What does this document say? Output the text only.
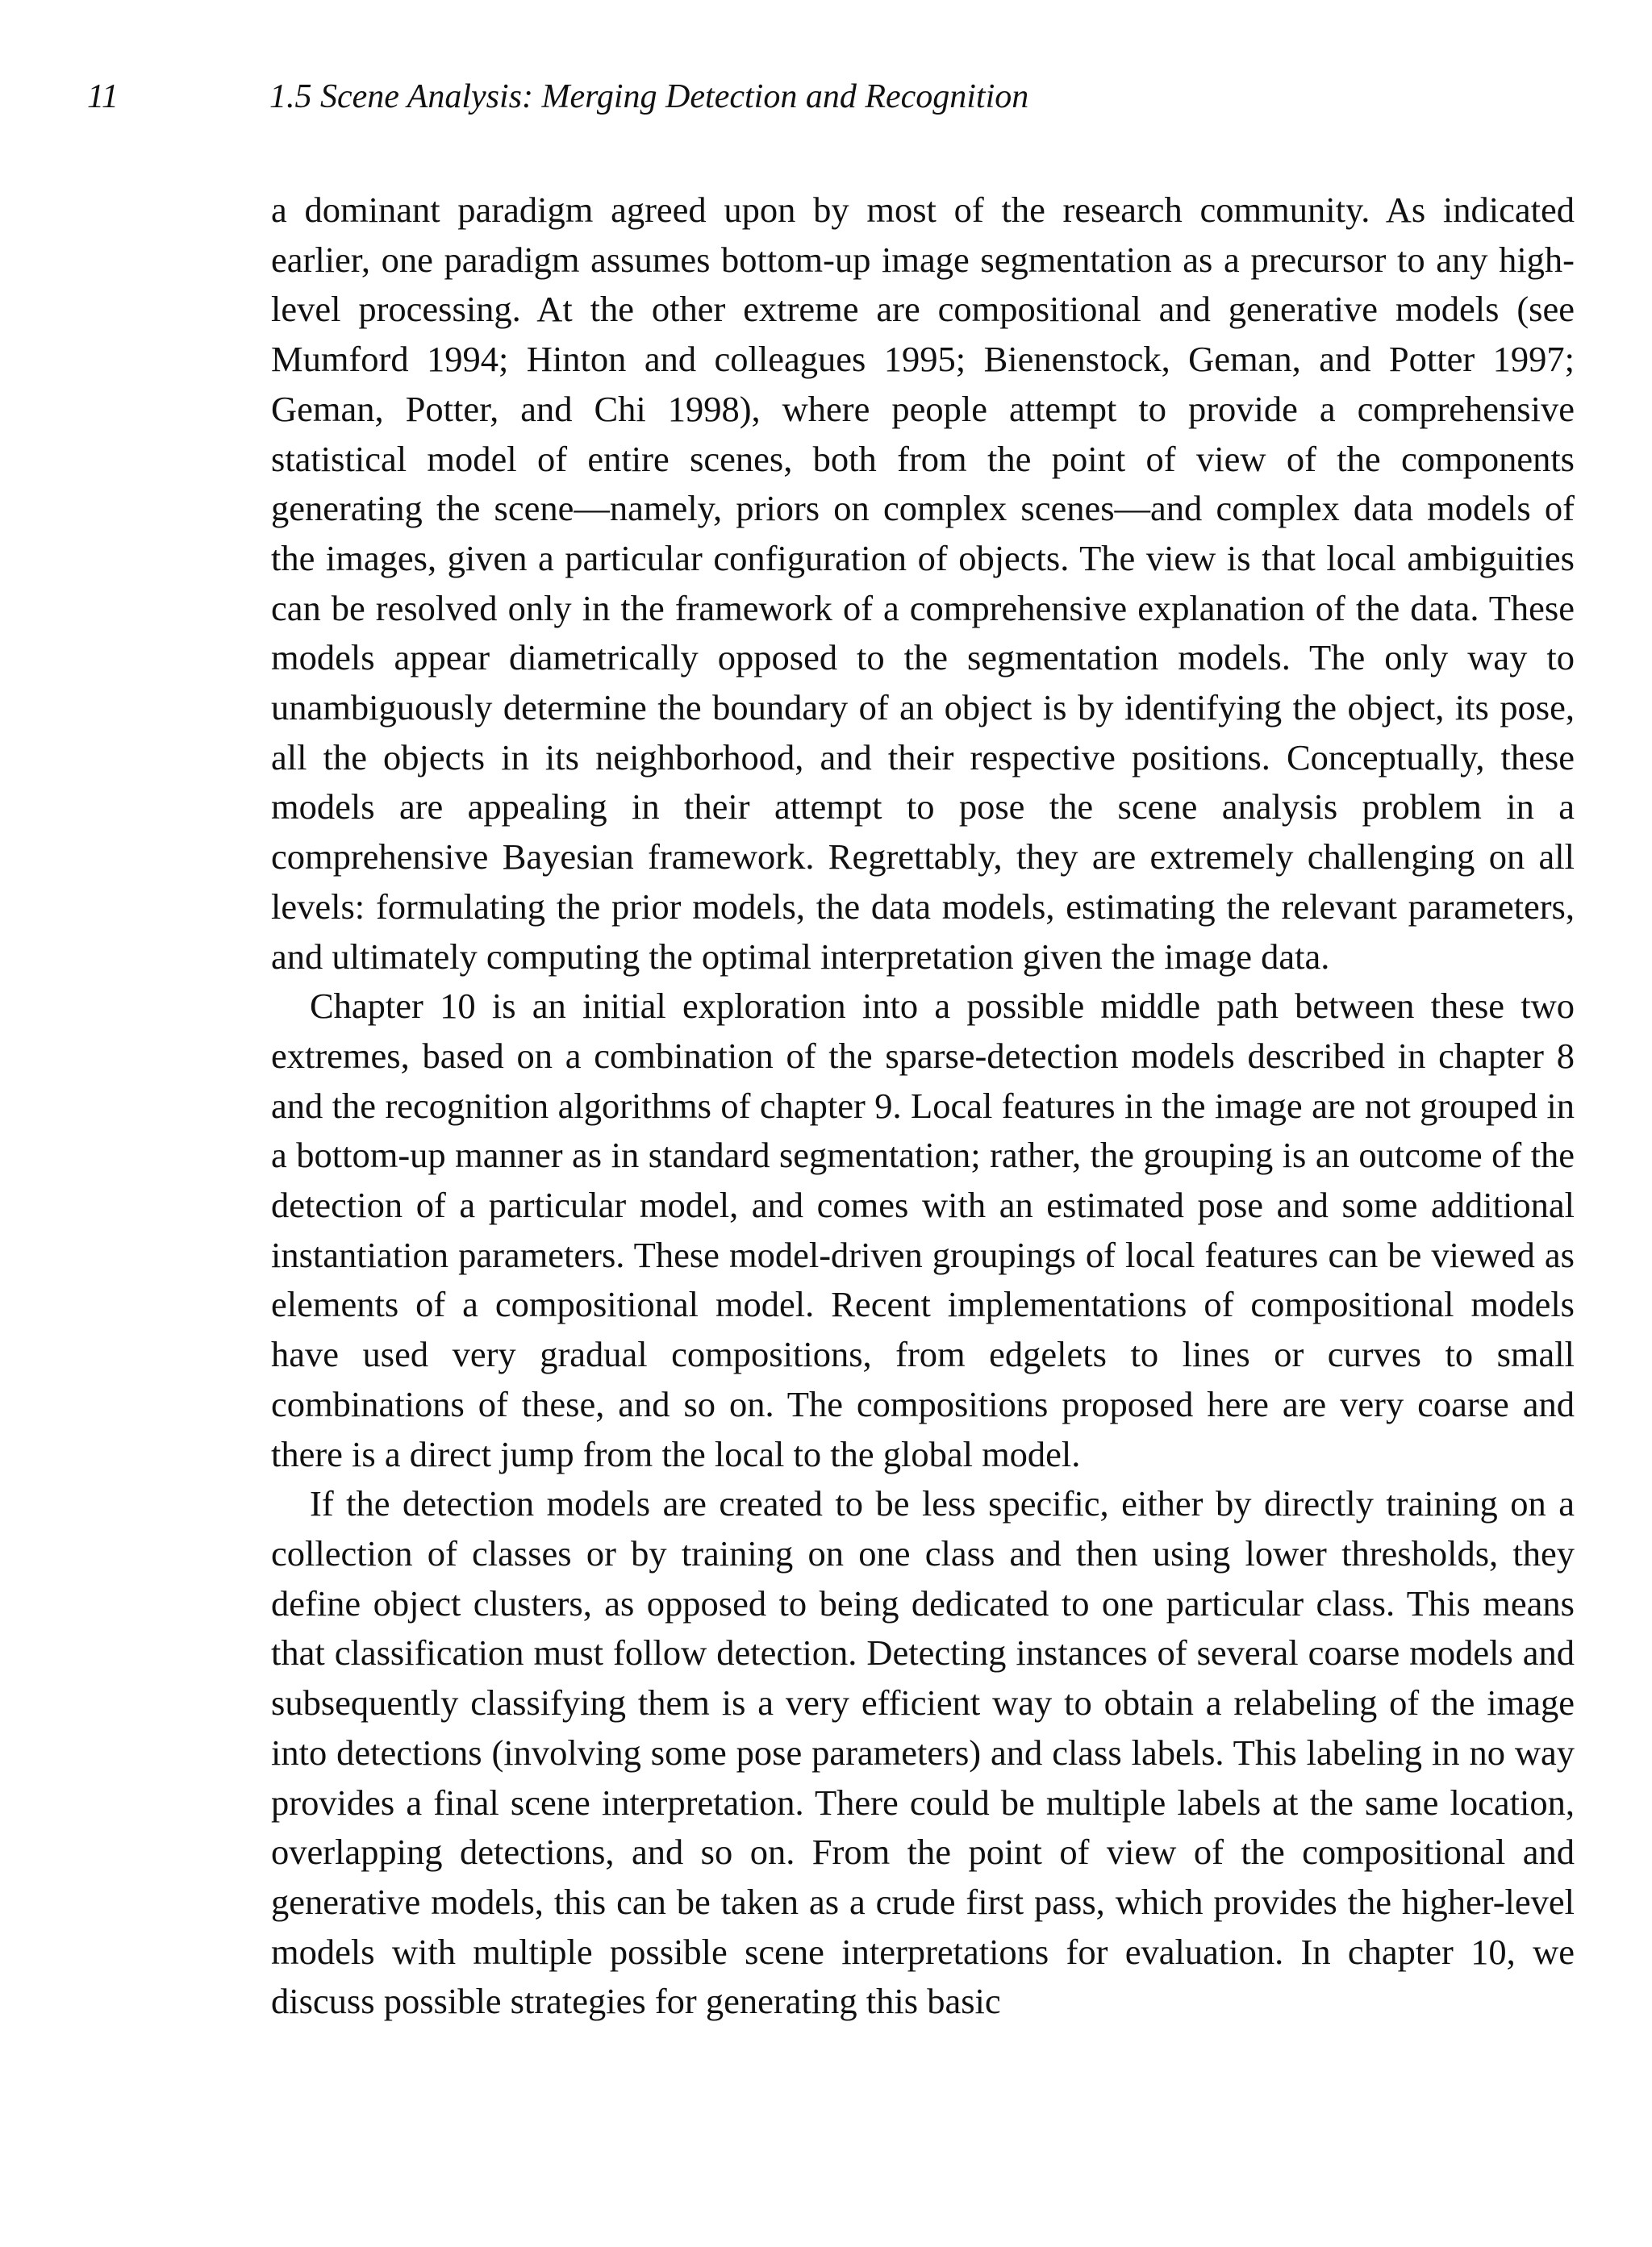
11	1.5 Scene Analysis: Merging Detection and Recognition

a dominant paradigm agreed upon by most of the research community. As indicated earlier, one paradigm assumes bottom-up image segmentation as a precursor to any high-level processing. At the other extreme are compositional and generative models (see Mumford 1994; Hinton and colleagues 1995; Bienenstock, Geman, and Potter 1997; Geman, Potter, and Chi 1998), where people attempt to provide a comprehensive statistical model of entire scenes, both from the point of view of the components generating the scene—namely, priors on complex scenes—and complex data models of the images, given a particular configuration of objects. The view is that local ambiguities can be resolved only in the framework of a comprehensive explanation of the data. These models appear diametrically opposed to the segmentation models. The only way to unambiguously determine the boundary of an object is by identifying the object, its pose, all the objects in its neighborhood, and their respective positions. Conceptually, these models are appealing in their attempt to pose the scene analysis problem in a comprehensive Bayesian framework. Regrettably, they are extremely challenging on all levels: formulating the prior models, the data models, estimating the relevant parameters, and ultimately computing the optimal interpretation given the image data.

Chapter 10 is an initial exploration into a possible middle path between these two extremes, based on a combination of the sparse-detection models described in chapter 8 and the recognition algorithms of chapter 9. Local features in the image are not grouped in a bottom-up manner as in standard segmentation; rather, the grouping is an outcome of the detection of a particular model, and comes with an estimated pose and some additional instantiation parameters. These model-driven groupings of local features can be viewed as elements of a compositional model. Recent implementations of compositional models have used very gradual compositions, from edgelets to lines or curves to small combinations of these, and so on. The compositions proposed here are very coarse and there is a direct jump from the local to the global model.

If the detection models are created to be less specific, either by directly training on a collection of classes or by training on one class and then using lower thresholds, they define object clusters, as opposed to being dedicated to one particular class. This means that classification must follow detection. Detecting instances of several coarse models and subsequently classifying them is a very efficient way to obtain a relabeling of the image into detections (involving some pose parameters) and class labels. This labeling in no way provides a final scene interpretation. There could be multiple labels at the same location, overlapping detections, and so on. From the point of view of the compositional and generative models, this can be taken as a crude first pass, which provides the higher-level models with multiple possible scene interpretations for evaluation. In chapter 10, we discuss possible strategies for generating this basic
